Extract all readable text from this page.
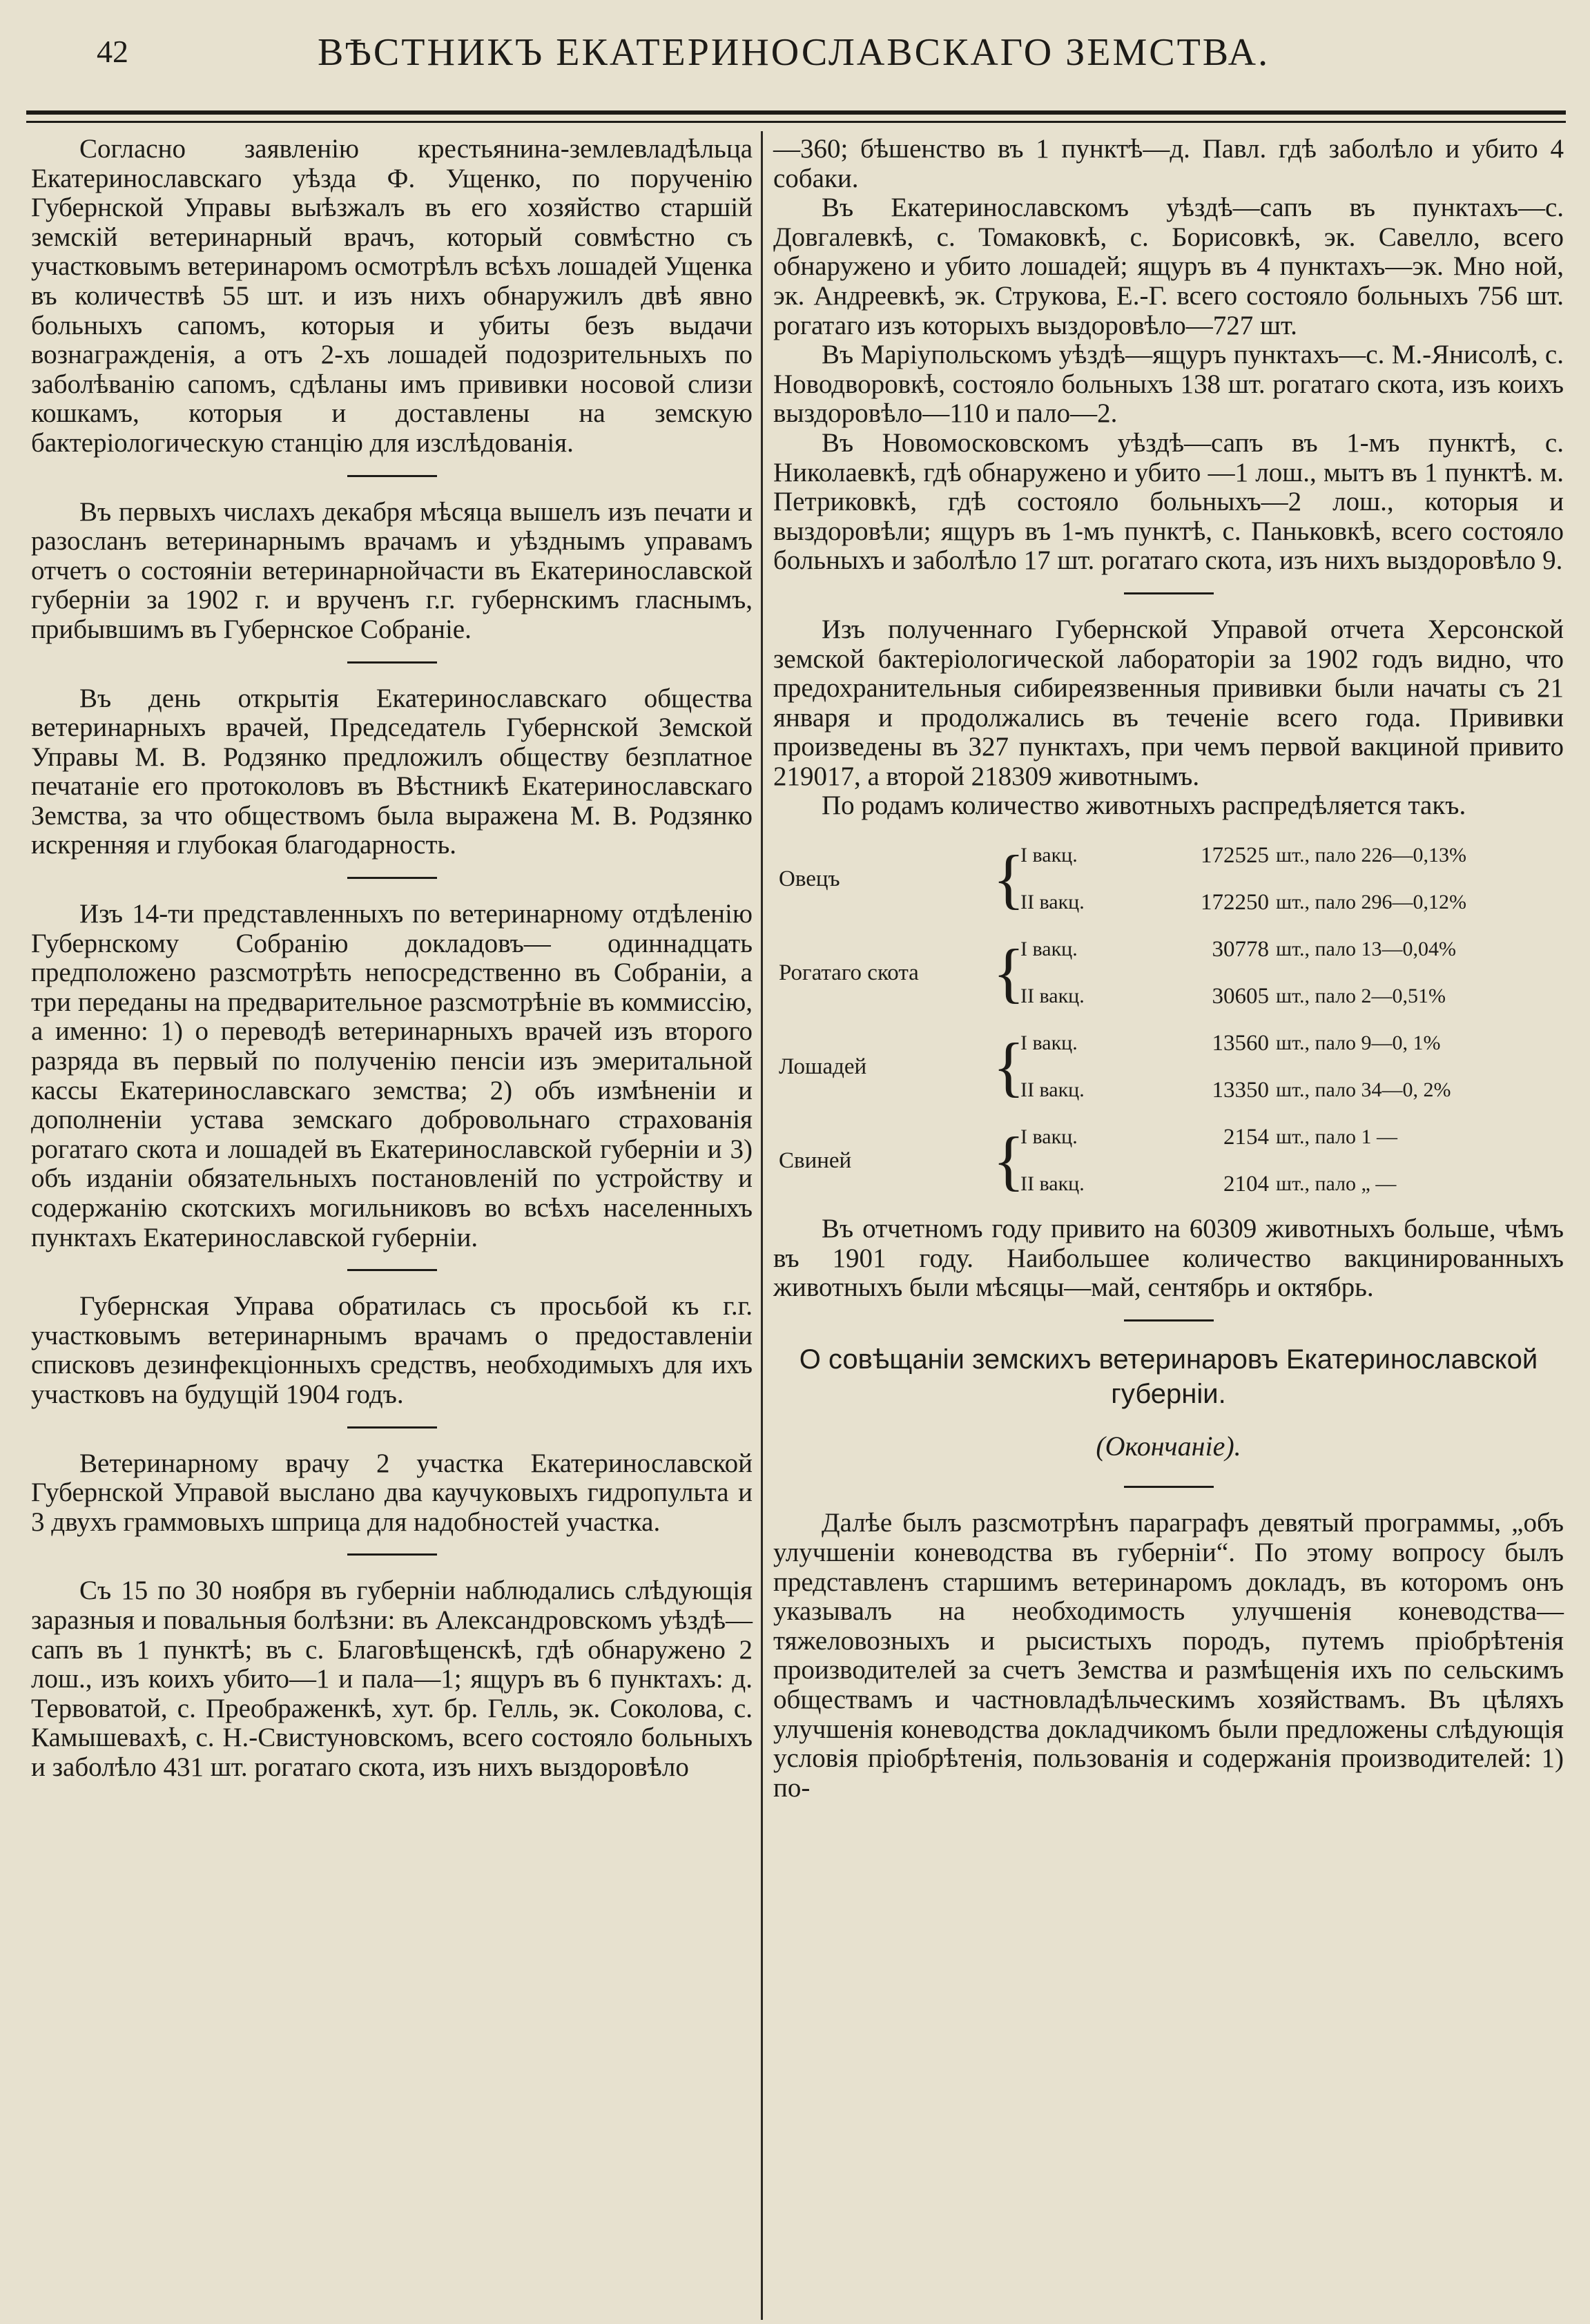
42	ВѢСТНИКЪ ЕКАТЕРИНОСЛАВСКАГО ЗЕМСТВА.

Согласно заявленію крестьянина-землевладѣльца Екатеринославскаго уѣзда Ф. Ущенко, по порученію Губернской Управы выѣзжалъ въ его хозяйство старшій земскій ветеринарный врачъ, который совмѣстно съ участковымъ ветеринаромъ осмотрѣлъ всѣхъ лошадей Ущенка въ количествѣ 55 шт. и изъ нихъ обнаружилъ двѣ явно больныхъ сапомъ, которыя и убиты безъ выдачи вознагражденія, а отъ 2-хъ лошадей подозрительныхъ по заболѣванію сапомъ, сдѣланы имъ прививки носовой слизи кошкамъ, которыя и доставлены на земскую бактеріологическую станцію для изслѣдованія.

Въ первыхъ числахъ декабря мѣсяца вышелъ изъ печати и разосланъ ветеринарнымъ врачамъ и уѣзднымъ управамъ отчетъ о состояніи ветеринарнойчасти въ Екатеринославской губерніи за 1902 г. и врученъ г.г. губернскимъ гласнымъ, прибывшимъ въ Губернское Собраніе.

Въ день открытія Екатеринославскаго общества ветеринарныхъ врачей, Председатель Губернской Земской Управы М. В. Родзянко предложилъ обществу безплатное печатаніе его протоколовъ въ Вѣстникѣ Екатеринославскаго Земства, за что обществомъ была выражена М. В. Родзянко искренняя и глубокая благодарность.

Изъ 14-ти представленныхъ по ветеринарному отдѣленію Губернскому Собранію докладовъ— одиннадцать предположено разсмотрѣть непосредственно въ Собраніи, а три переданы на предварительное разсмотрѣніе въ коммиссію, а именно: 1) о переводѣ ветеринарныхъ врачей изъ второго разряда въ первый по полученію пенсіи изъ эмеритальной кассы Екатеринославскаго земства; 2) объ измѣненіи и дополненіи устава земскаго добровольнаго страхованія рогатаго скота и лошадей въ Екатеринославской губерніи и 3) объ изданіи обязательныхъ постановленій по устройству и содержанію скотскихъ могильниковъ во всѣхъ населенныхъ пунктахъ Екатеринославской губерніи.

Губернская Управа обратилась съ просьбой къ г.г. участковымъ ветеринарнымъ врачамъ о предоставленіи списковъ дезинфекціонныхъ средствъ, необходимыхъ для ихъ участковъ на будущій 1904 годъ.

Ветеринарному врачу 2 участка Екатеринославской Губернской Управой выслано два каучуковыхъ гидропульта и 3 двухъ граммовыхъ шприца для надобностей участка.

Съ 15 по 30 ноября въ губерніи наблюдались слѣдующія заразныя и повальныя болѣзни: въ Александровскомъ уѣздѣ—сапъ въ 1 пунктѣ; въ с. Благовѣщенскѣ, гдѣ обнаружено 2 лош., изъ коихъ убито—1 и пала—1; ящуръ въ 6 пунктахъ: д. Тервоватой, с. Преображенкѣ, хут. бр. Гелль, эк. Соколова, с. Камышевахѣ, с. Н.-Свистуновскомъ, всего состояло больныхъ и заболѣло 431 шт. рогатаго скота, изъ нихъ выздоровѣло

—360; бѣшенство въ 1 пунктѣ—д. Павл. гдѣ заболѣло и убито 4 собаки.

Въ Екатеринославскомъ уѣздѣ—сапъ въ пунктахъ—с. Довгалевкѣ, с. Томаковкѣ, с. Борисовкѣ, эк. Савелло, всего обнаружено и убито лошадей; ящуръ въ 4 пунктахъ—эк. Мно ной, эк. Андреевкѣ, эк. Струкова, Е.-Г. всего состояло больныхъ 756 шт. рогатаго изъ которыхъ выздоровѣло—727 шт.

Въ Маріупольскомъ уѣздѣ—ящуръ пунктахъ—с. М.-Янисолѣ, с. Новодворовкѣ, состояло больныхъ 138 шт. рогатаго скота, изъ коихъ выздоровѣло—110 и пало—2.

Въ Новомосковскомъ уѣздѣ—сапъ въ 1-мъ пунктѣ, с. Николаевкѣ, гдѣ обнаружено и убито —1 лош., мытъ въ 1 пунктѣ. м. Петриковкѣ, гдѣ состояло больныхъ—2 лош., которыя и выздоровѣли; ящуръ въ 1-мъ пунктѣ, с. Паньковкѣ, всего состояло больныхъ и заболѣло 17 шт. рогатаго скота, изъ нихъ выздоровѣло 9.

Изъ полученнаго Губернской Управой отчета Херсонской земской бактеріологической лабораторіи за 1902 годъ видно, что предохранительныя сибиреязвенныя прививки были начаты съ 21 января и продолжались въ теченіе всего года. Прививки произведены въ 327 пунктахъ, при чемъ первой вакциной привито 219017, а второй 218309 животнымъ.

По родамъ количество животныхъ распредѣляется такъ.

Овецъ	{
I вакц.	172525 шт., пало 226—0,13%
II вакц.	172250 шт., пало 296—0,12%
Рогатаго скота	{
I вакц.	30778 шт., пало 13—0,04%
II вакц.	30605 шт., пало 2—0,51%
Лошадей	{
I вакц.	13560 шт., пало 9—0, 1%
II вакц.	13350 шт., пало 34—0, 2%
Свиней	{
I вакц.	2154 шт., пало 1 —
II вакц.	2104 шт., пало „ —

Въ отчетномъ году привито на 60309 животныхъ больше, чѣмъ въ 1901 году. Наибольшее количество вакцинированныхъ животныхъ были мѣсяцы—май, сентябрь и октябрь.

О совѣщаніи земскихъ ветеринаровъ Екатеринославской губерніи.
(Окончаніе).

Далѣе былъ разсмотрѣнъ параграфъ девятый программы, „объ улучшеніи коневодства въ губерніи“. По этому вопросу былъ представленъ старшимъ ветеринаромъ докладъ, въ которомъ онъ указывалъ на необходимость улучшенія коневодства—тяжеловозныхъ и рысистыхъ породъ, путемъ пріобрѣтенія производителей за счетъ Земства и размѣщенія ихъ по сельскимъ обществамъ и частновладѣльческимъ хозяйствамъ. Въ цѣляхъ улучшенія коневодства докладчикомъ были предложены слѣдующія условія пріобрѣтенія, пользованія и содержанія производителей: 1) по-
